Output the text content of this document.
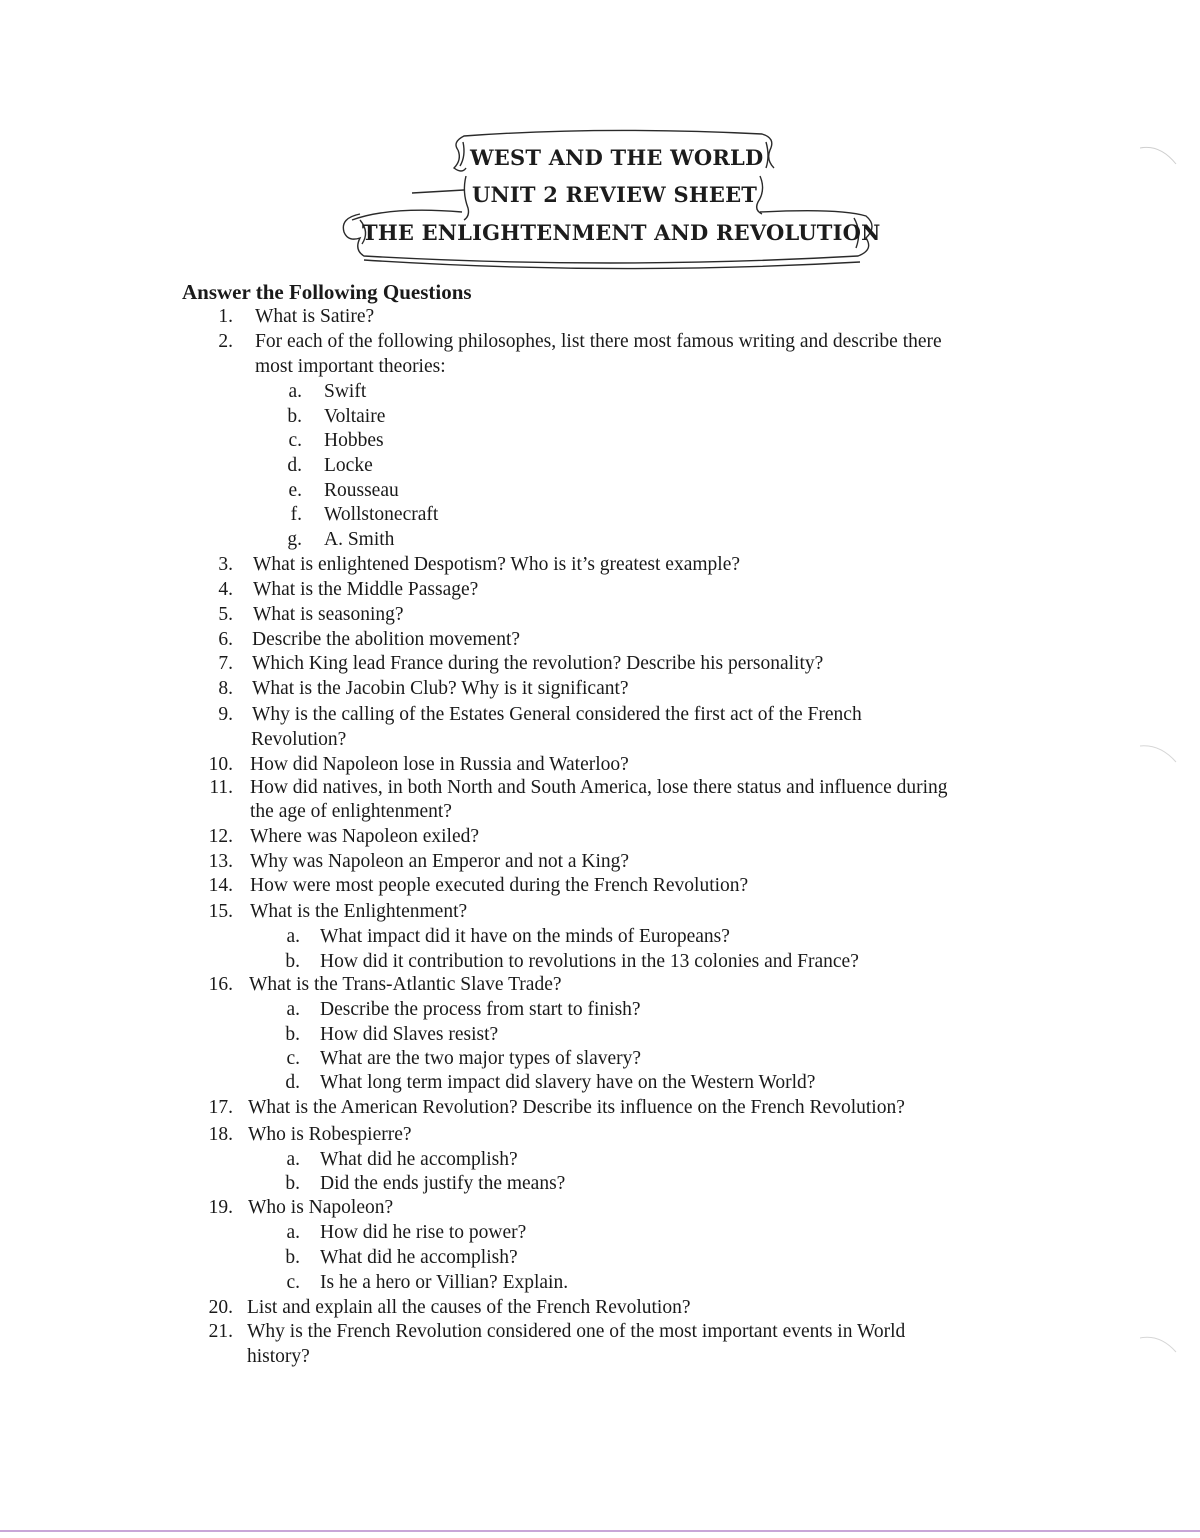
WEST AND THE WORLD
UNIT 2 REVIEW SHEET
THE ENLIGHTENMENT AND REVOLUTION
Answer the Following Questions
1. What is Satire?
2. For each of the following philosophes, list there most famous writing and describe there
most important theories:
a. Swift
b. Voltaire
c. Hobbes
d. Locke
e. Rousseau
f. Wollstonecraft
g. A. Smith
3. What is enlightened Despotism? Who is it’s greatest example?
4. What is the Middle Passage?
5. What is seasoning?
6. Describe the abolition movement?
7. Which King lead France during the revolution? Describe his personality?
8. What is the Jacobin Club? Why is it significant?
9. Why is the calling of the Estates General considered the first act of the French
Revolution?
10. How did Napoleon lose in Russia and Waterloo?
11. How did natives, in both North and South America, lose there status and influence during
the age of enlightenment?
12. Where was Napoleon exiled?
13. Why was Napoleon an Emperor and not a King?
14. How were most people executed during the French Revolution?
15. What is the Enlightenment?
a. What impact did it have on the minds of Europeans?
b. How did it contribution to revolutions in the 13 colonies and France?
16. What is the Trans-Atlantic Slave Trade?
a. Describe the process from start to finish?
b. How did Slaves resist?
c. What are the two major types of slavery?
d. What long term impact did slavery have on the Western World?
17. What is the American Revolution? Describe its influence on the French Revolution?
18. Who is Robespierre?
a. What did he accomplish?
b. Did the ends justify the means?
19. Who is Napoleon?
a. How did he rise to power?
b. What did he accomplish?
c. Is he a hero or Villian? Explain.
20. List and explain all the causes of the French Revolution?
21. Why is the French Revolution considered one of the most important events in World
history?
